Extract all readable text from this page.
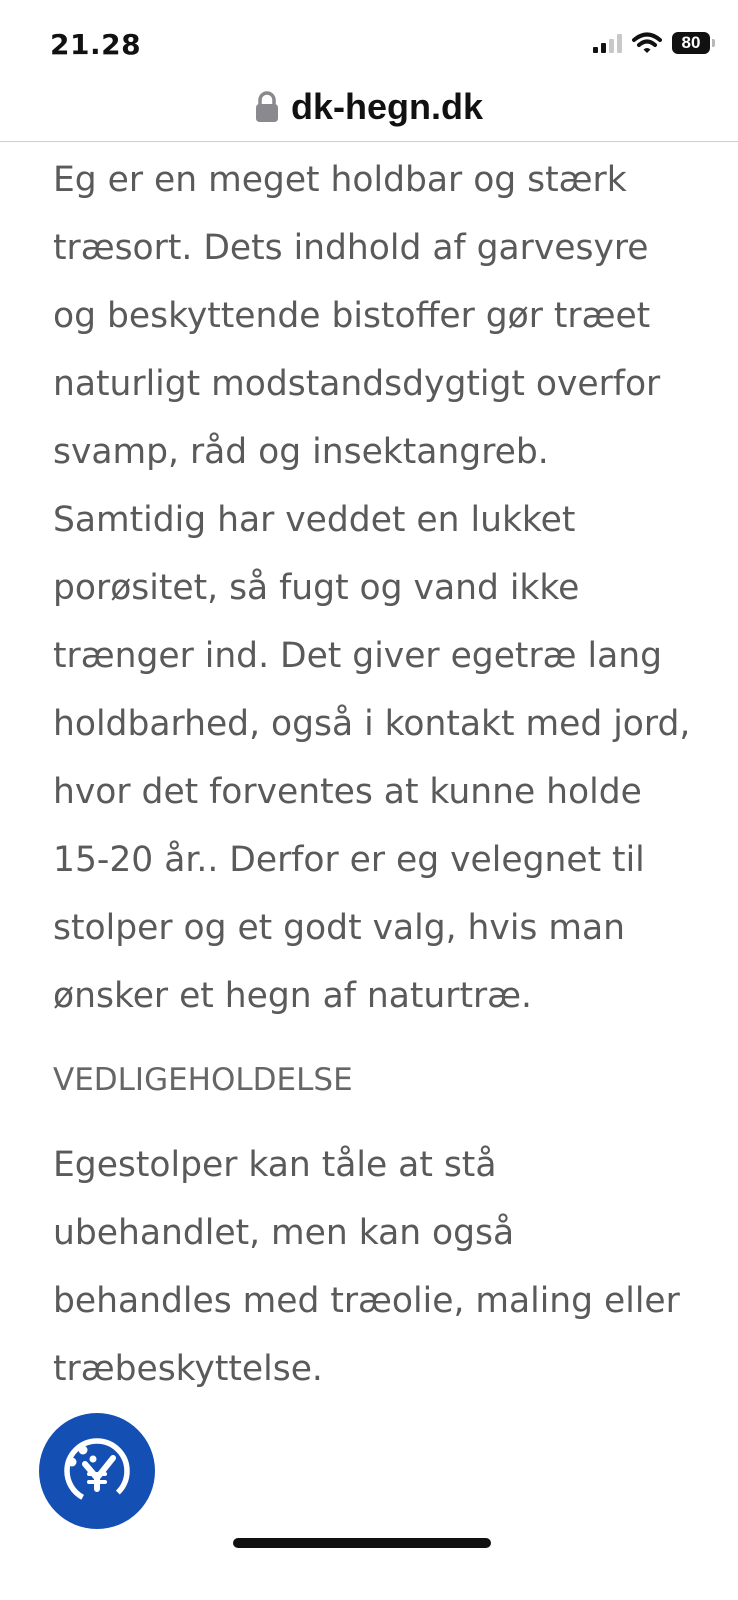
21.28	80
dk-hegn.dk

Eg er en meget holdbar og stærk træsort. Dets indhold af garvesyre og beskyttende bistoffer gør træet naturligt modstandsdygtigt overfor svamp, råd og insektangreb. Samtidig har veddet en lukket porøsitet, så fugt og vand ikke trænger ind. Det giver egetræ lang holdbarhed, også i kontakt med jord, hvor det forventes at kunne holde 15-20 år.. Derfor er eg velegnet til stolper og et godt valg, hvis man ønsker et hegn af naturtræ.

VEDLIGEHOLDELSE

Egestolper kan tåle at stå ubehandlet, men kan også behandles med træolie, maling eller træbeskyttelse.
